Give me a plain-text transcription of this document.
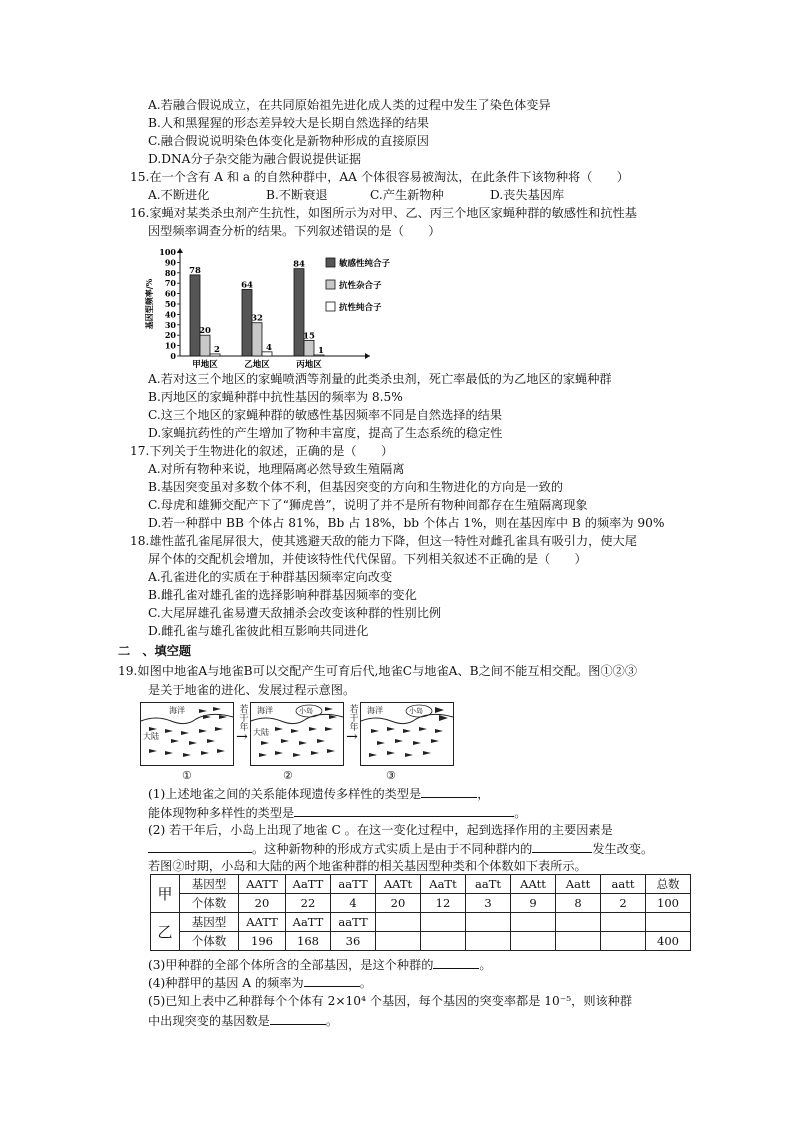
A.若融合假说成立，在共同原始祖先进化成人类的过程中发生了染色体变异
B.人和黑猩猩的形态差异较大是长期自然选择的结果
C.融合假说说明染色体变化是新物种形成的直接原因
D.DNA分子杂交能为融合假说提供证据
15.在一个含有 A 和 a 的自然种群中，AA 个体很容易被淘汰，在此条件下该物种将（　　）
A.不断进化	B.不断衰退	C.产生新物种	D.丧失基因库
16.家蝇对某类杀虫剂产生抗性，如图所示为对甲、乙、丙三个地区家蝇种群的敏感性和抗性基
因型频率调查分析的结果。下列叙述错误的是（　　）
基因型频率/%
100
90
80
70
60
50
40
30
20
10
0
78
20
2
甲地区
64
32
4
乙地区
84
15
1
丙地区
敏感性纯合子
抗性杂合子
抗性纯合子
A.若对这三个地区的家蝇喷洒等剂量的此类杀虫剂，死亡率最低的为乙地区的家蝇种群
B.丙地区的家蝇种群中抗性基因的频率为 8.5%
C.这三个地区的家蝇种群的敏感性基因频率不同是自然选择的结果
D.家蝇抗药性的产生增加了物种丰富度，提高了生态系统的稳定性
17.下列关于生物进化的叙述，正确的是（　　）
A.对所有物种来说，地理隔离必然导致生殖隔离
B.基因突变虽对多数个体不利，但基因突变的方向和生物进化的方向是一致的
C.母虎和雄狮交配产下了“狮虎兽”，说明了并不是所有物种间都存在生殖隔离现象
D.若一种群中 BB 个体占 81%，Bb 占 18%，bb 个体占 1%，则在基因库中 B 的频率为 90%
18.雄性蓝孔雀尾屏很大，使其逃避天敌的能力下降，但这一特性对雌孔雀具有吸引力，使大尾
屏个体的交配机会增加，并使该特性代代保留。下列相关叙述不正确的是（　　）
A.孔雀进化的实质在于种群基因频率定向改变
B.雌孔雀对雄孔雀的选择影响种群基因频率的变化
C.大尾屏雄孔雀易遭天敌捕杀会改变该种群的性别比例
D.雌孔雀与雄孔雀彼此相互影响共同进化
二　、填空题
19.如图中地雀A与地雀B可以交配产生可育后代,地雀C与地雀A、B之间不能互相交配。图①②③
是关于地雀的进化、发展过程示意图。
海洋
大陆
若干年
→
海洋	小岛
大陆
若干年
→
海洋	小岛
①	②	③
(1)上述地雀之间的关系能体现遗传多样性的类型是	，
能体现物种多样性的类型是	。
(2) 若干年后，小岛上出现了地雀 C 。在这一变化过程中，起到选择作用的主要因素是
。这种新物种的形成方式实质上是由于不同种群内的	发生改变。
若图②时期，小岛和大陆的两个地雀种群的相关基因型种类和个体数如下表所示。
甲	基因型	AATT	AaTT	aaTT	AATt	AaTt	aaTt	AAtt	Aatt	aatt	总数
	个体数	20	22	4	20	12	3	9	8	2	100
乙	基因型	AATT	AaTT	aaTT							
	个体数	196	168	36							400
(3)甲种群的全部个体所含的全部基因，是这个种群的	。
(4)种群甲的基因 A 的频率为	。
(5)已知上表中乙种群每个个体有 2×10⁴ 个基因，每个基因的突变率都是 10⁻⁵，则该种群
中出现突变的基因数是	。
